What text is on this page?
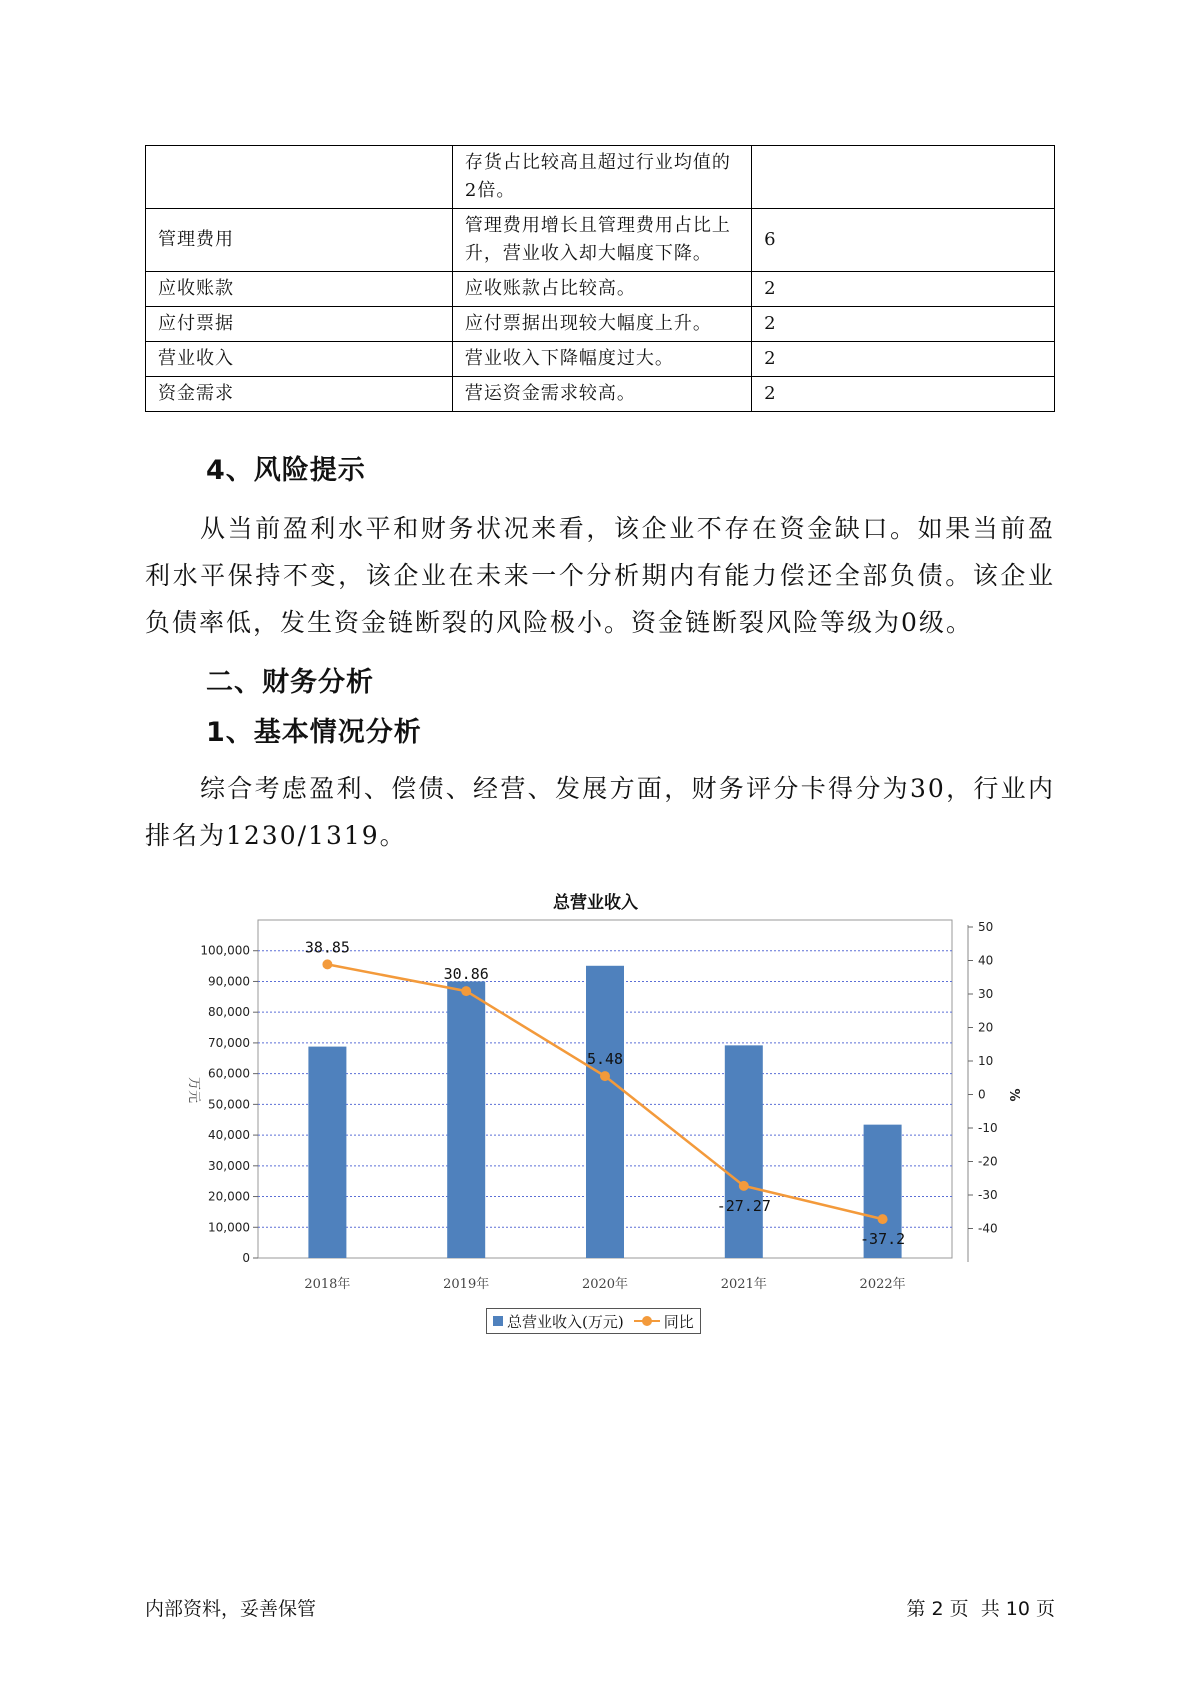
	存货占比较高且超过行业均值的2倍。	
管理费用	管理费用增长且管理费用占比上升，营业收入却大幅度下降。	6
应收账款	应收账款占比较高。	2
应付票据	应付票据出现较大幅度上升。	2
营业收入	营业收入下降幅度过大。	2
资金需求	营运资金需求较高。	2
4、风险提示
从当前盈利水平和财务状况来看，该企业不存在资金缺口。如果当前盈利水平保持不变，该企业在未来一个分析期内有能力偿还全部负债。该企业负债率低，发生资金链断裂的风险极小。资金链断裂风险等级为0级。
二、财务分析
1、基本情况分析
综合考虑盈利、偿债、经营、发展方面，财务评分卡得分为30，行业内排名为1230/1319。
总营业收入
0
10,000
20,000
30,000
40,000
50,000
60,000
70,000
80,000
90,000
100,000
万元
50
40
30
20
10
0
-10
-20
-30
-40
%
2018年	2019年	2020年	2021年	2022年
38.85
30.86
5.48
-27.27
-37.2
总营业收入(万元)	同比
内部资料，妥善保管	第 2 页  共 10 页
